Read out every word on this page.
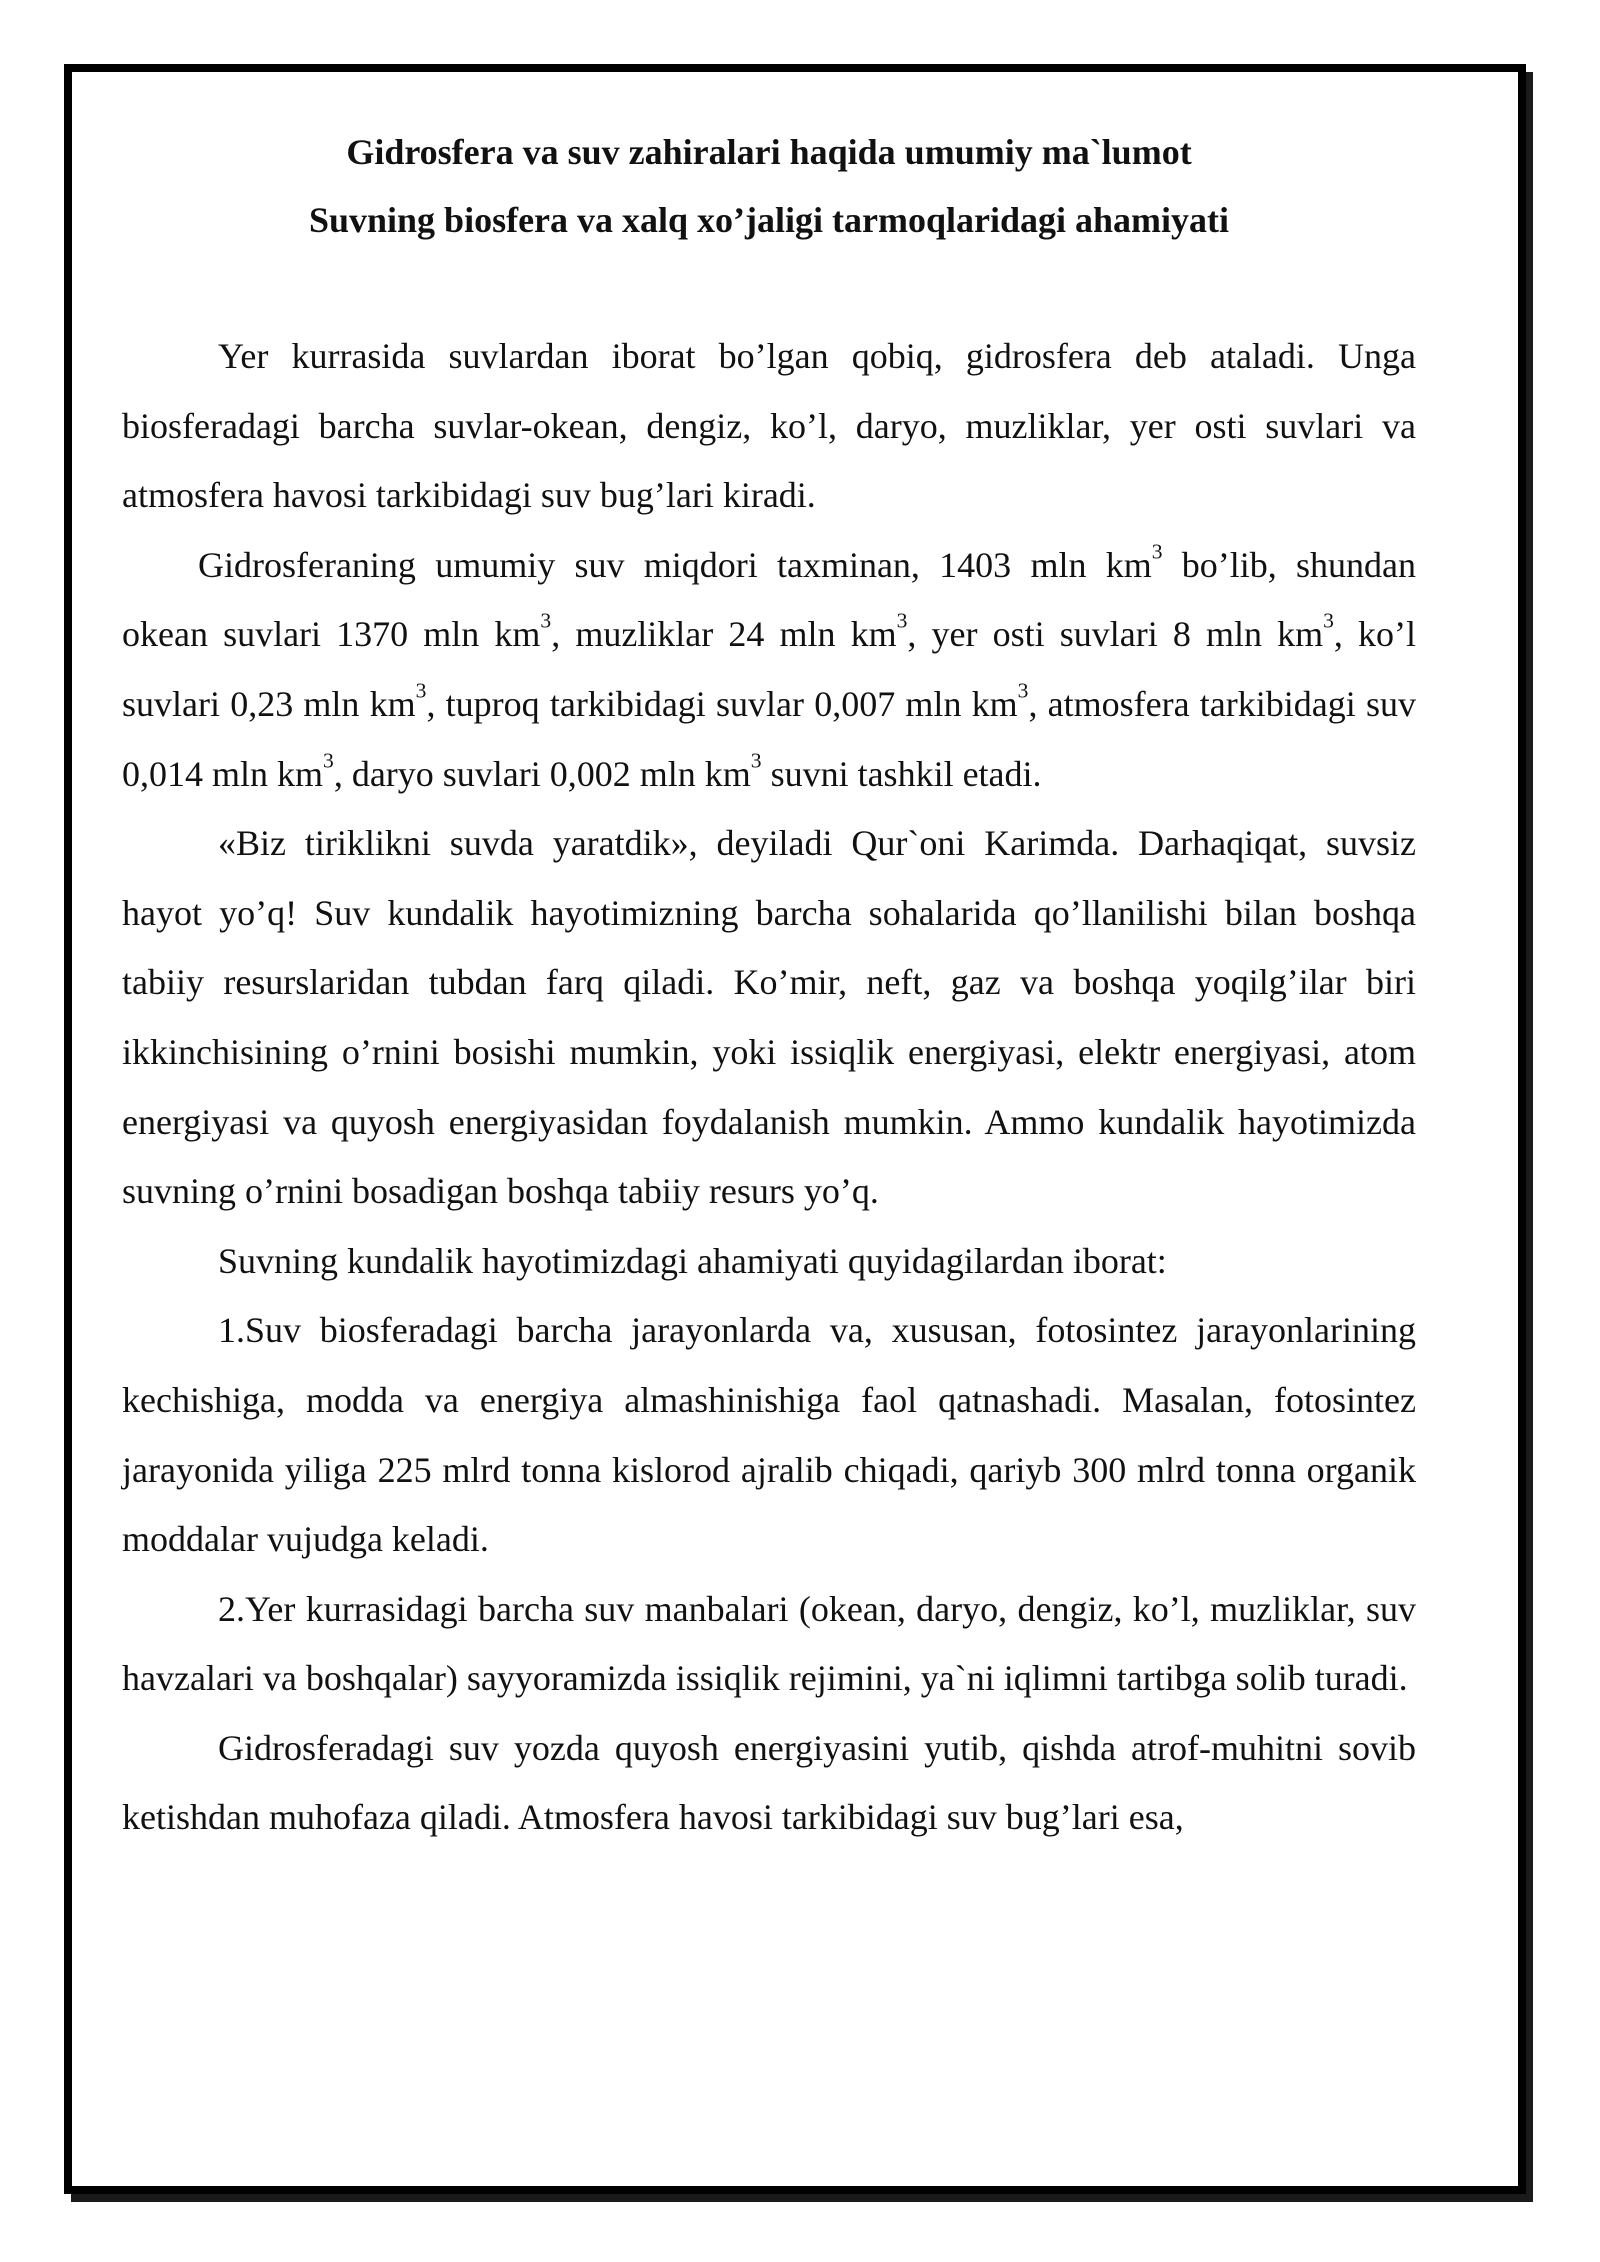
Gidrosfera va suv zahiralari haqida umumiy ma`lumot
Suvning biosfera va xalq xo’jaligi tarmoqlaridagi ahamiyati

Yer kurrasida suvlardan iborat bo’lgan qobiq, gidrosfera deb ataladi. Unga biosferadagi barcha suvlar-okean, dengiz, ko’l, daryo, muzliklar, yer osti suvlari va atmosfera havosi tarkibidagi suv bug’lari kiradi.

Gidrosferaning umumiy suv miqdori taxminan, 1403 mln $km^3$ bo’lib, shundan okean suvlari 1370 mln $km^3$, muzliklar 24 mln $km^3$, yer osti suvlari 8 mln $km^3$, ko’l suvlari 0,23 mln $km^3$, tuproq tarkibidagi suvlar 0,007 mln $km^3$, atmosfera tarkibidagi suv 0,014 mln $km^3$, daryo suvlari 0,002 mln $km^3$ suvni tashkil etadi.

«Biz tiriklikni suvda yaratdik», deyiladi Qur`oni Karimda. Darhaqiqat, suvsiz hayot yo’q! Suv kundalik hayotimizning barcha sohalarida qo’llanilishi bilan boshqa tabiiy resurslaridan tubdan farq qiladi. Ko’mir, neft, gaz va boshqa yoqilg’ilar biri ikkinchisining o’rnini bosishi mumkin, yoki issiqlik energiyasi, elektr energiyasi, atom energiyasi va quyosh energiyasidan foydalanish mumkin. Ammo kundalik hayotimizda suvning o’rnini bosadigan boshqa tabiiy resurs yo’q.

Suvning kundalik hayotimizdagi ahamiyati quyidagilardan iborat:

1.Suv biosferadagi barcha jarayonlarda va, xususan, fotosintez jarayonlarining kechishiga, modda va energiya almashinishiga faol qatnashadi. Masalan, fotosintez jarayonida yiliga 225 mlrd tonna kislorod ajralib chiqadi, qariyb 300 mlrd tonna organik moddalar vujudga keladi.

2.Yer kurrasidagi barcha suv manbalari (okean, daryo, dengiz, ko’l, muzliklar, suv havzalari va boshqalar) sayyoramizda issiqlik rejimini, ya`ni iqlimni tartibga solib turadi.

Gidrosferadagi suv yozda quyosh energiyasini yutib, qishda atrof-muhitni sovib ketishdan muhofaza qiladi. Atmosfera havosi tarkibidagi suv bug’lari esa,
